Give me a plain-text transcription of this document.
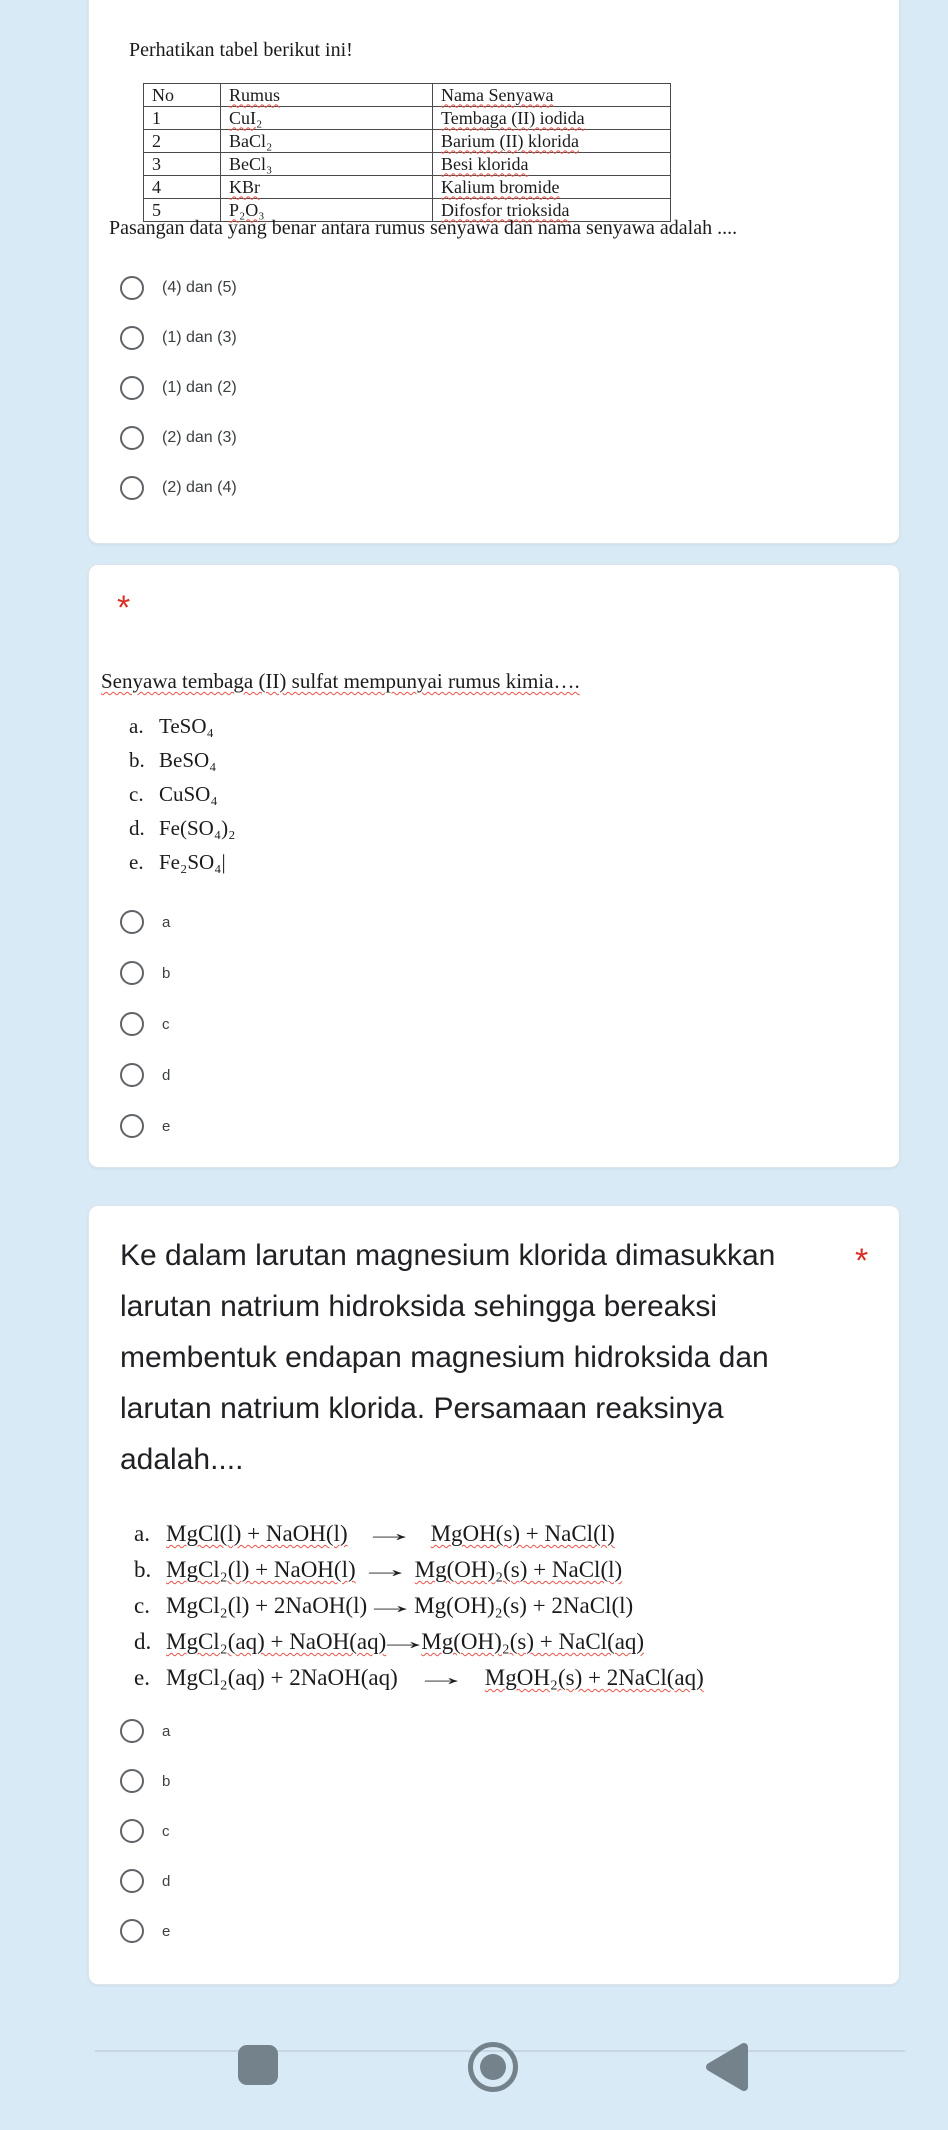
Perhatikan tabel berikut ini!
No	Rumus	Nama Senyawa
1	CuI₂	Tembaga (II) iodida
2	BaCl₂	Barium (II) klorida
3	BeCl₃	Besi klorida
4	KBr	Kalium bromide
5	P₂O₃	Difosfor trioksida
Pasangan data yang benar antara rumus senyawa dan nama senyawa adalah ....
(4) dan (5)
(1) dan (3)
(1) dan (2)
(2) dan (3)
(2) dan (4)
*
Senyawa tembaga (II) sulfat mempunyai rumus kimia….
a. TeSO₄
b. BeSO₄
c. CuSO₄
d. Fe(SO₄)₂
e. Fe₂SO₄|
a
b
c
d
e
*
Ke dalam larutan magnesium klorida dimasukkan
larutan natrium hidroksida sehingga bereaksi
membentuk endapan magnesium hidroksida dan
larutan natrium klorida. Persamaan reaksinya
adalah....
a. MgCl(l) + NaOH(l) → MgOH(s) + NaCl(l)
b. MgCl₂(l) + NaOH(l)→Mg(OH)₂(s) + NaCl(l)
c. MgCl₂(l) + 2NaOH(l)→Mg(OH)₂(s) + 2NaCl(l)
d. MgCl₂(aq) + NaOH(aq)→Mg(OH)₂(s) + NaCl(aq)
e. MgCl₂(aq) + 2NaOH(aq) → MgOH₂(s) + 2NaCl(aq)
a
b
c
d
e
